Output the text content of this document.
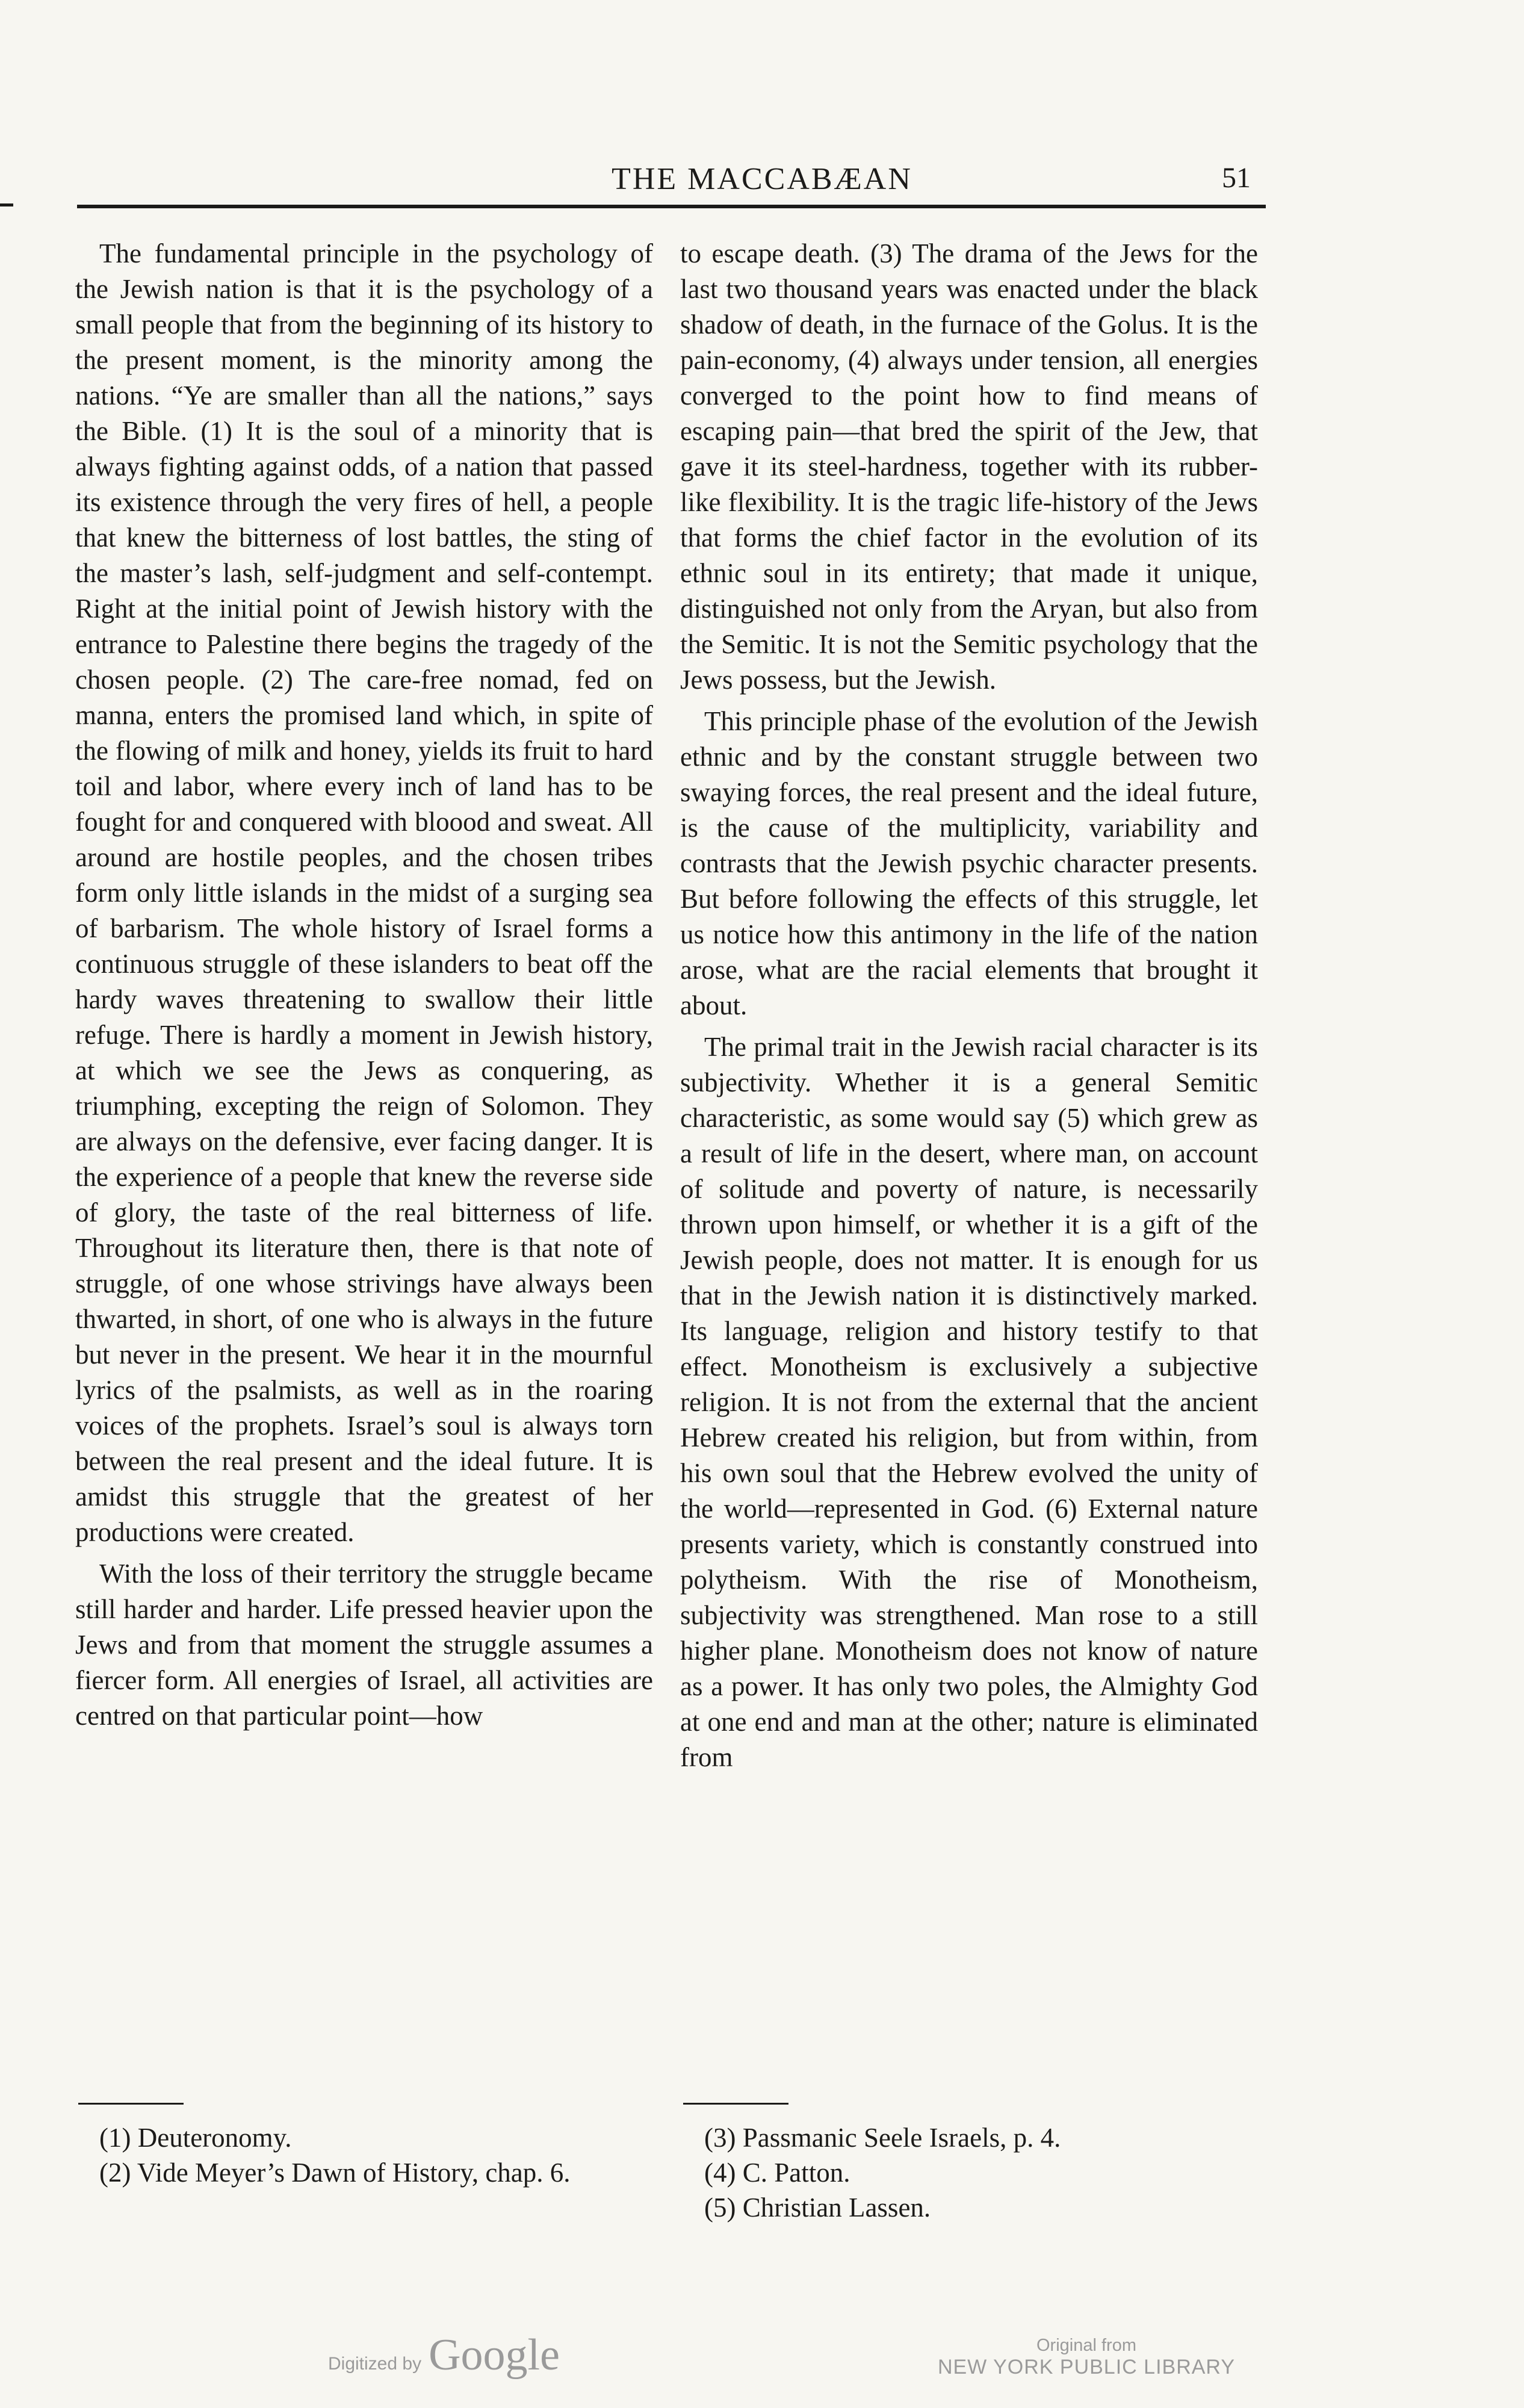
THE MACCABÆAN	51

The fundamental principle in the psychology of the Jewish nation is that it is the psychology of a small people that from the beginning of its history to the present moment, is the minority among the nations. “Ye are smaller than all the nations,” says the Bible. (1) It is the soul of a minority that is always fighting against odds, of a nation that passed its existence through the very fires of hell, a people that knew the bitterness of lost battles, the sting of the master’s lash, self-judgment and self-contempt. Right at the initial point of Jewish history with the entrance to Palestine there begins the tragedy of the chosen people. (2) The care-free nomad, fed on manna, enters the promised land which, in spite of the flowing of milk and honey, yields its fruit to hard toil and labor, where every inch of land has to be fought for and conquered with bloood and sweat. All around are hostile peoples, and the chosen tribes form only little islands in the midst of a surging sea of barbarism. The whole history of Israel forms a continuous struggle of these islanders to beat off the hardy waves threatening to swallow their little refuge. There is hardly a moment in Jewish history, at which we see the Jews as conquering, as triumphing, excepting the reign of Solomon. They are always on the defensive, ever facing danger. It is the experience of a people that knew the reverse side of glory, the taste of the real bitterness of life. Throughout its literature then, there is that note of struggle, of one whose strivings have always been thwarted, in short, of one who is always in the future but never in the present. We hear it in the mournful lyrics of the psalmists, as well as in the roaring voices of the prophets. Israel’s soul is always torn between the real present and the ideal future. It is amidst this struggle that the greatest of her productions were created.

With the loss of their territory the struggle became still harder and harder. Life pressed heavier upon the Jews and from that moment the struggle assumes a fiercer form. All energies of Israel, all activities are centred on that particular point—how

to escape death. (3) The drama of the Jews for the last two thousand years was enacted under the black shadow of death, in the furnace of the Golus. It is the pain-economy, (4) always under tension, all energies converged to the point how to find means of escaping pain—that bred the spirit of the Jew, that gave it its steel-hardness, together with its rubber-like flexibility. It is the tragic life-history of the Jews that forms the chief factor in the evolution of its ethnic soul in its entirety; that made it unique, distinguished not only from the Aryan, but also from the Semitic. It is not the Semitic psychology that the Jews possess, but the Jewish.

This principle phase of the evolution of the Jewish ethnic and by the constant struggle between two swaying forces, the real present and the ideal future, is the cause of the multiplicity, variability and contrasts that the Jewish psychic character presents. But before following the effects of this struggle, let us notice how this antimony in the life of the nation arose, what are the racial elements that brought it about.

The primal trait in the Jewish racial character is its subjectivity. Whether it is a general Semitic characteristic, as some would say (5) which grew as a result of life in the desert, where man, on account of solitude and poverty of nature, is necessarily thrown upon himself, or whether it is a gift of the Jewish people, does not matter. It is enough for us that in the Jewish nation it is distinctively marked. Its language, religion and history testify to that effect. Monotheism is exclusively a subjective religion. It is not from the external that the ancient Hebrew created his religion, but from within, from his own soul that the Hebrew evolved the unity of the world—represented in God. (6) External nature presents variety, which is constantly construed into polytheism. With the rise of Monotheism, subjectivity was strengthened. Man rose to a still higher plane. Monotheism does not know of nature as a power. It has only two poles, the Almighty God at one end and man at the other; nature is eliminated from

(1) Deuteronomy.
(2) Vide Meyer’s Dawn of History, chap. 6.
(3) Passmanic Seele Israels, p. 4.
(4) C. Patton.
(5) Christian Lassen.
Digitized by Google	Original from
NEW YORK PUBLIC LIBRARY
